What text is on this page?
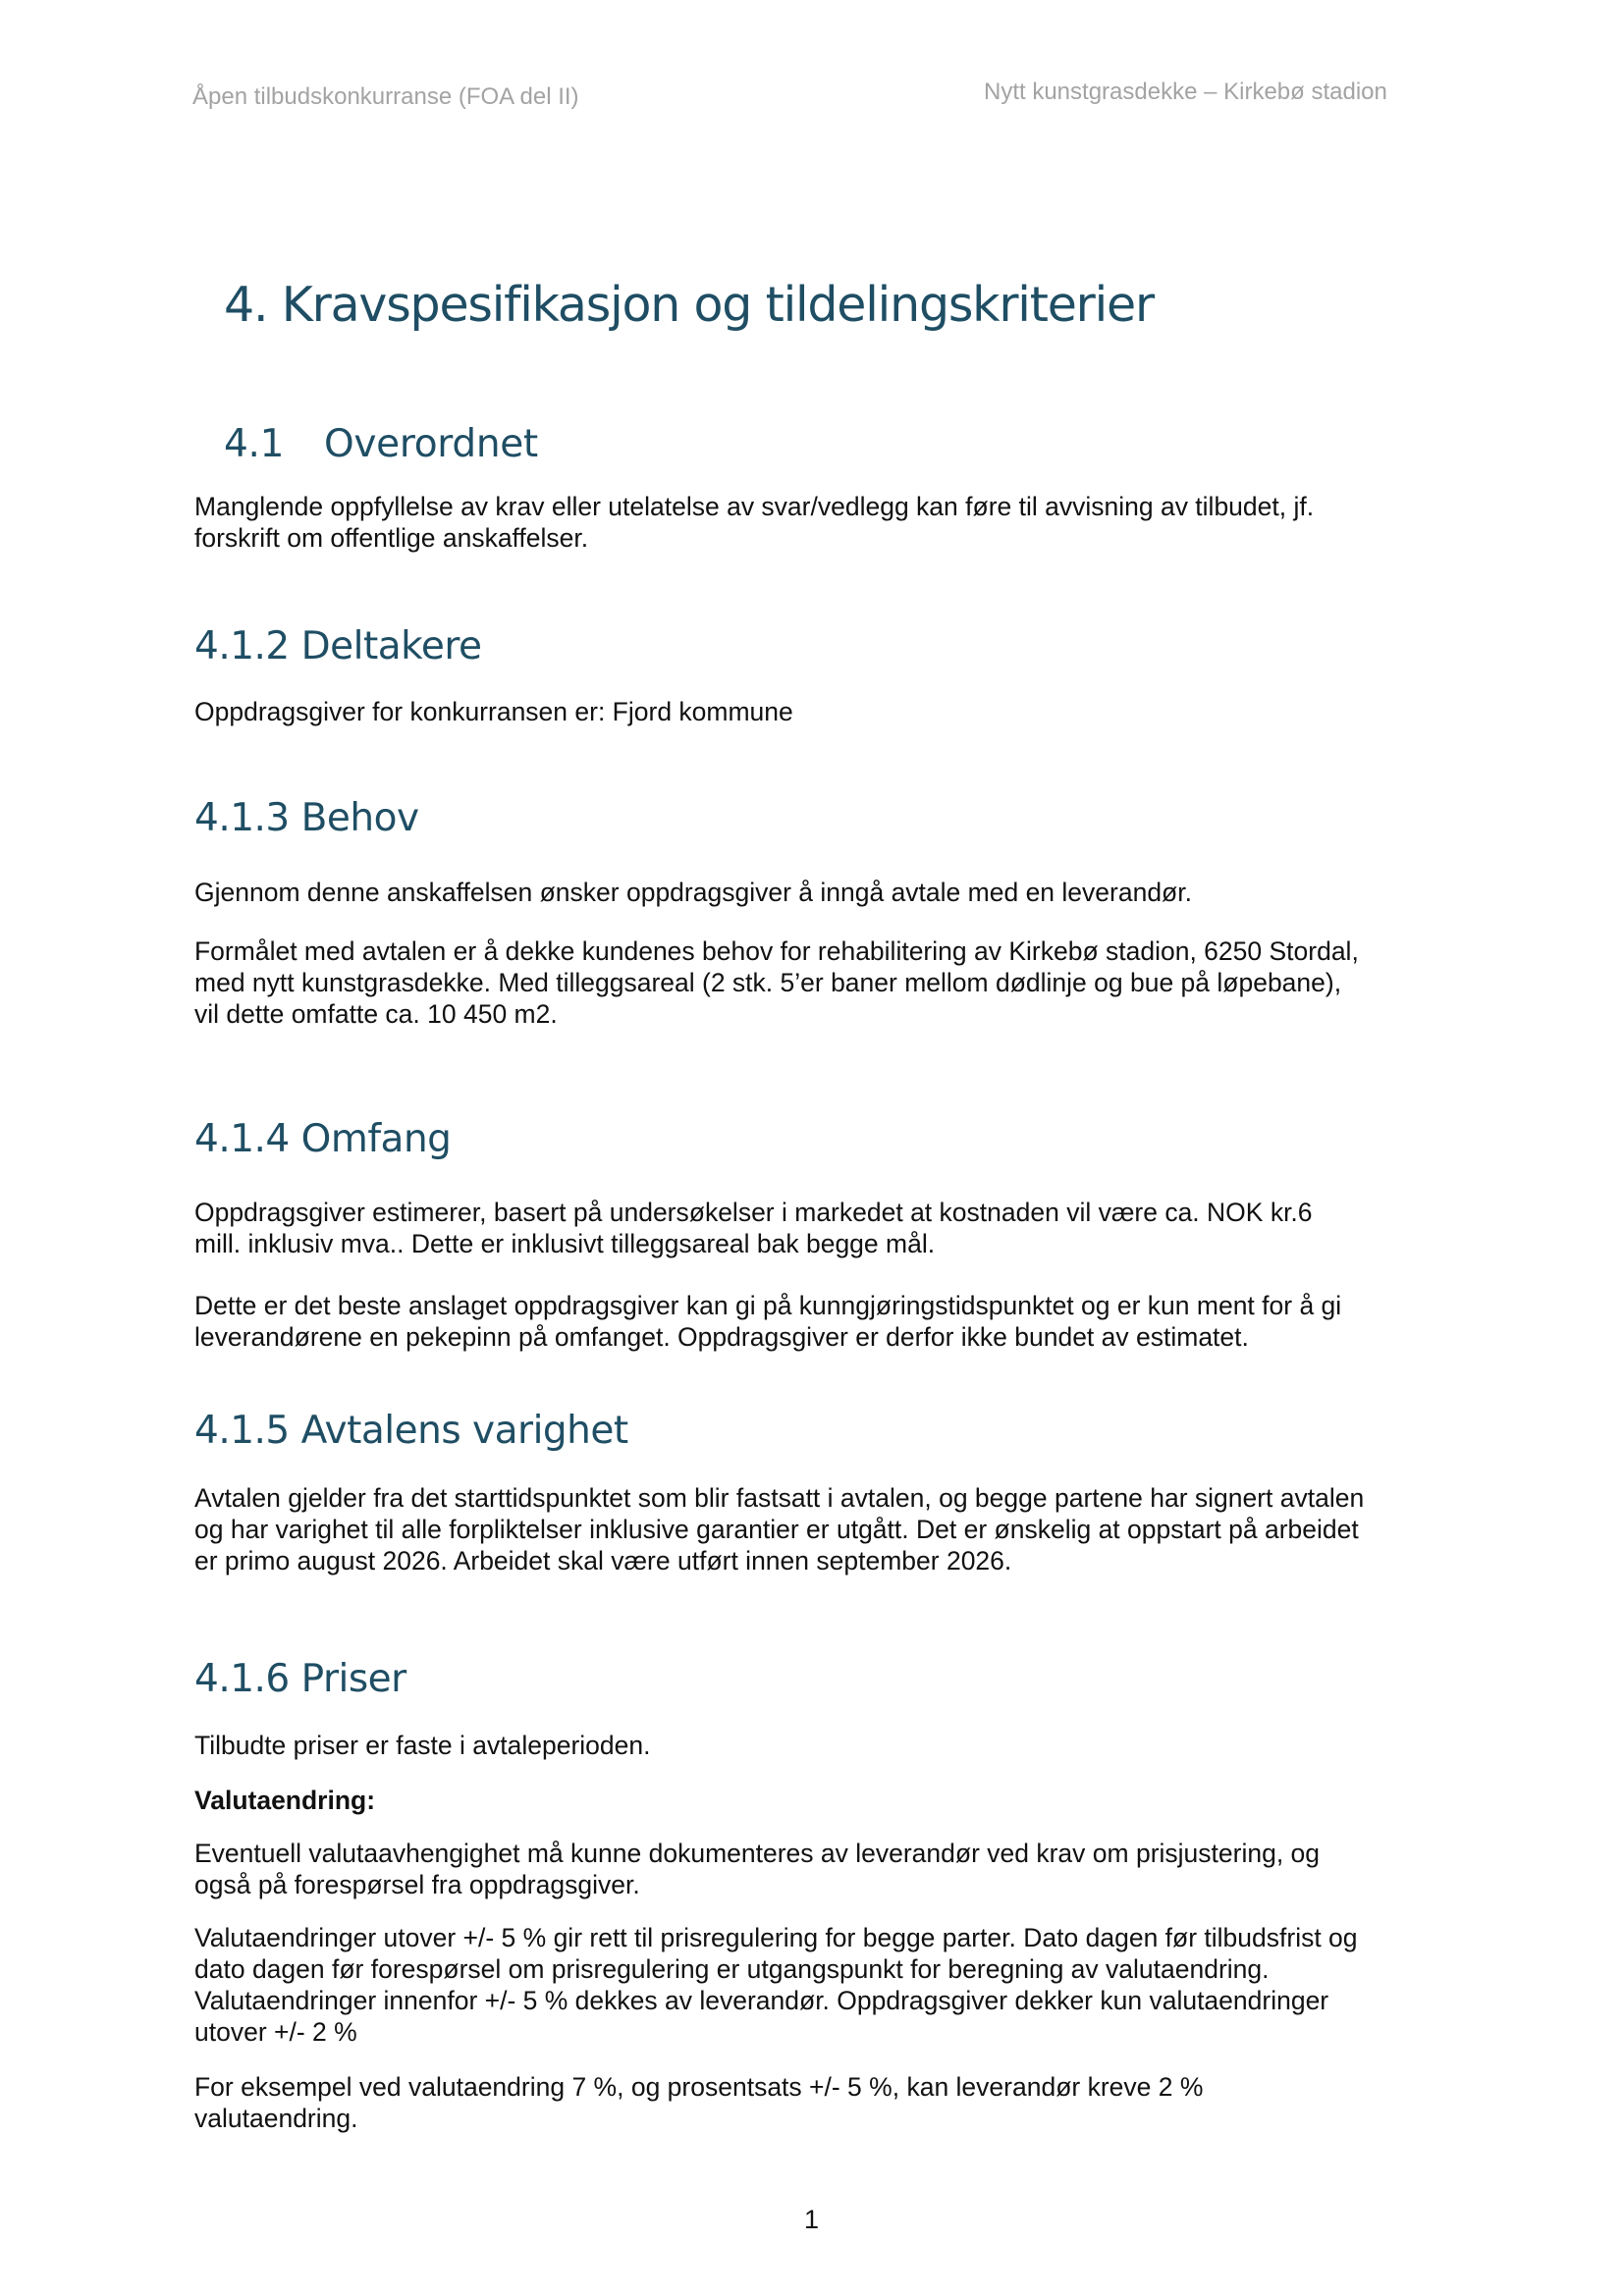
Åpen tilbudskonkurranse (FOA del II)	Nytt kunstgrasdekke – Kirkebø stadion
4. Kravspesifikasjon og tildelingskriterier
4.1 Overordnet

Manglende oppfyllelse av krav eller utelatelse av svar/vedlegg kan føre til avvisning av tilbudet, jf.
forskrift om offentlige anskaffelser.

4.1.2 Deltakere

Oppdragsgiver for konkurransen er: Fjord kommune

4.1.3 Behov

Gjennom denne anskaffelsen ønsker oppdragsgiver å inngå avtale med en leverandør.

Formålet med avtalen er å dekke kundenes behov for rehabilitering av Kirkebø stadion, 6250 Stordal,
med nytt kunstgrasdekke. Med tilleggsareal (2 stk. 5’er baner mellom dødlinje og bue på løpebane),
vil dette omfatte ca. 10 450 m2.

4.1.4 Omfang

Oppdragsgiver estimerer, basert på undersøkelser i markedet at kostnaden vil være ca. NOK kr.6
mill. inklusiv mva.. Dette er inklusivt tilleggsareal bak begge mål.

Dette er det beste anslaget oppdragsgiver kan gi på kunngjøringstidspunktet og er kun ment for å gi
leverandørene en pekepinn på omfanget. Oppdragsgiver er derfor ikke bundet av estimatet.

4.1.5 Avtalens varighet

Avtalen gjelder fra det starttidspunktet som blir fastsatt i avtalen, og begge partene har signert avtalen
og har varighet til alle forpliktelser inklusive garantier er utgått. Det er ønskelig at oppstart på arbeidet
er primo august 2026. Arbeidet skal være utført innen september 2026.

4.1.6 Priser

Tilbudte priser er faste i avtaleperioden.

Valutaendring:

Eventuell valutaavhengighet må kunne dokumenteres av leverandør ved krav om prisjustering, og
også på forespørsel fra oppdragsgiver.

Valutaendringer utover +/- 5 % gir rett til prisregulering for begge parter. Dato dagen før tilbudsfrist og
dato dagen før forespørsel om prisregulering er utgangspunkt for beregning av valutaendring.
Valutaendringer innenfor +/- 5 % dekkes av leverandør. Oppdragsgiver dekker kun valutaendringer
utover +/- 2 %

For eksempel ved valutaendring 7 %, og prosentsats +/- 5 %, kan leverandør kreve 2 %
valutaendring.

1
